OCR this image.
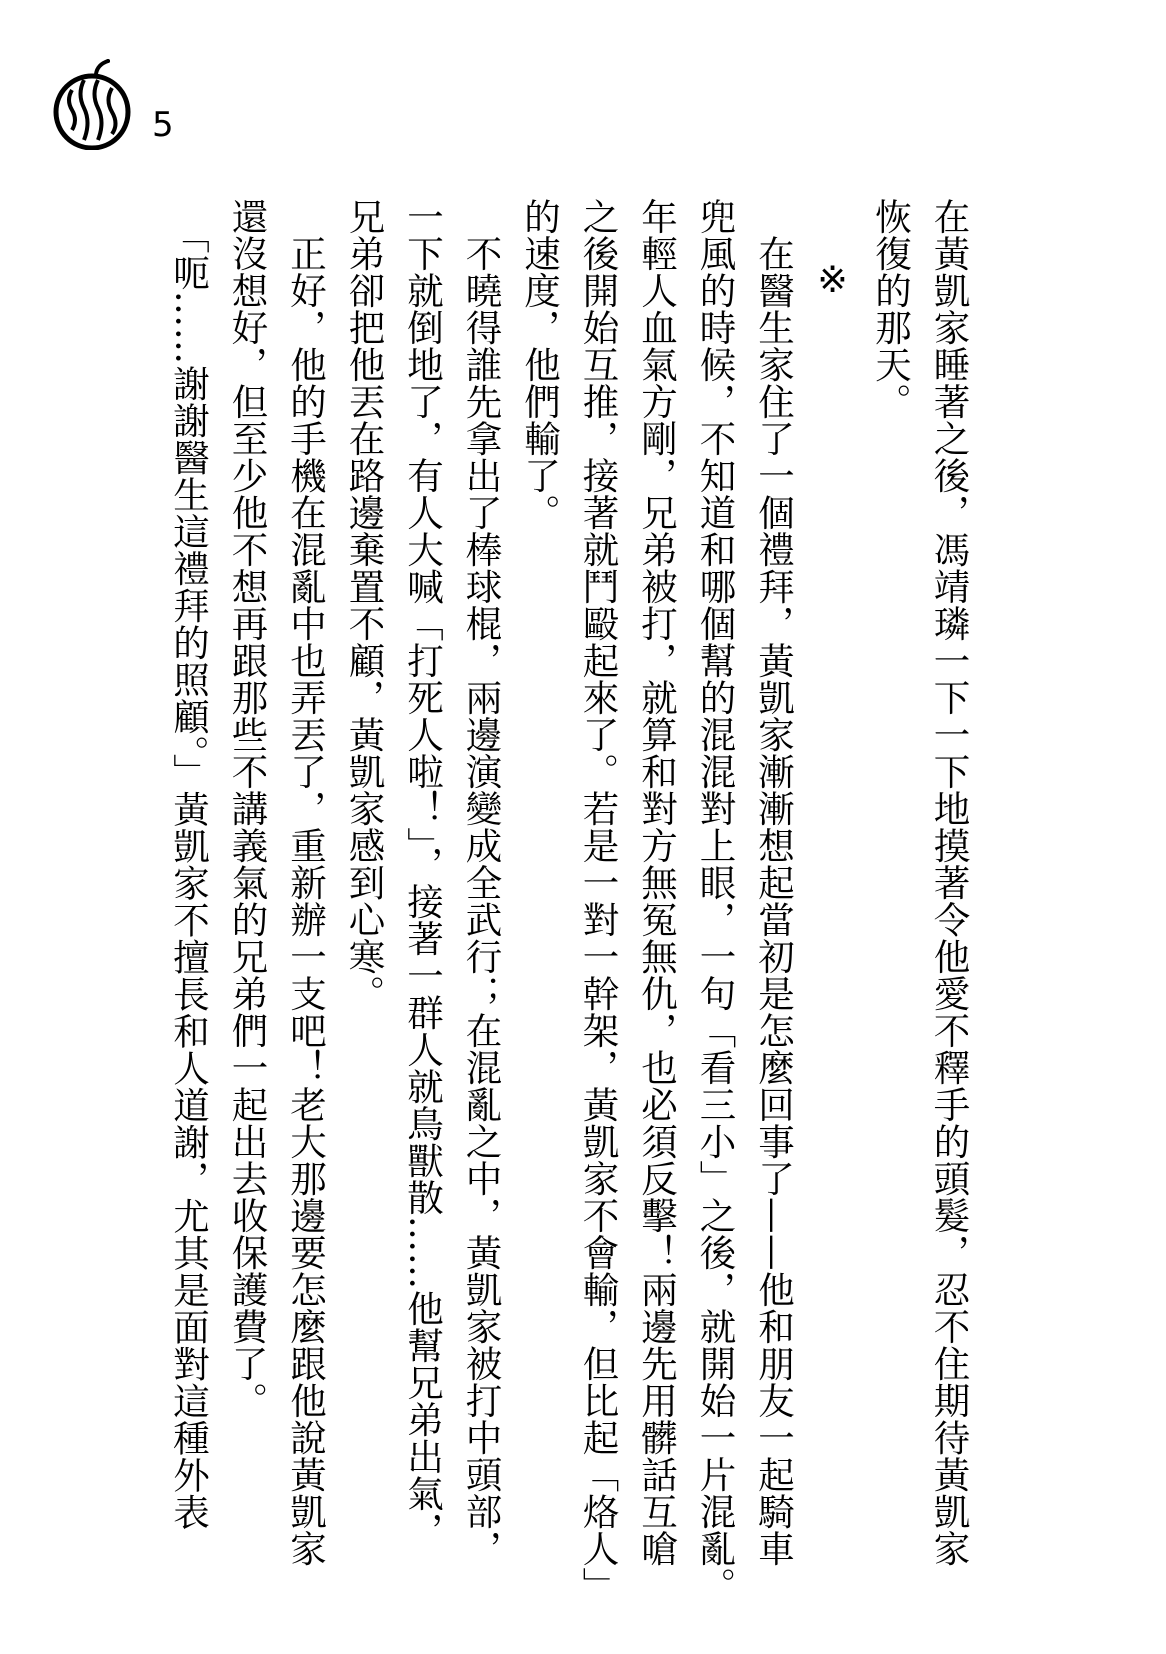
5

在黃凱家睡著之後，馮靖璘一下一下地摸著令他愛不釋手的頭髮，忍不住期待黃凱家

恢復的那天。

※

　在醫生家住了一個禮拜，黃凱家漸漸想起當初是怎麼回事了——他和朋友一起騎車

兜風的時候，不知道和哪個幫的混混對上眼，一句「看三小」之後，就開始一片混亂。

年輕人血氣方剛，兄弟被打，就算和對方無冤無仇，也必須反擊！兩邊先用髒話互嗆

之後開始互推，接著就鬥毆起來了。若是一對一幹架，黃凱家不會輸，但比起「烙人」

的速度，他們輸了。

　不曉得誰先拿出了棒球棍，兩邊演變成全武行；在混亂之中，黃凱家被打中頭部，

一下就倒地了，有人大喊「打死人啦！」，接著一群人就鳥獸散……他幫兄弟出氣，

兄弟卻把他丟在路邊棄置不顧，黃凱家感到心寒。

　正好，他的手機在混亂中也弄丟了，重新辦一支吧！老大那邊要怎麼跟他說黃凱家

還沒想好，但至少他不想再跟那些不講義氣的兄弟們一起出去收保護費了。

　「呃……謝謝醫生這禮拜的照顧。」黃凱家不擅長和人道謝，尤其是面對這種外表
